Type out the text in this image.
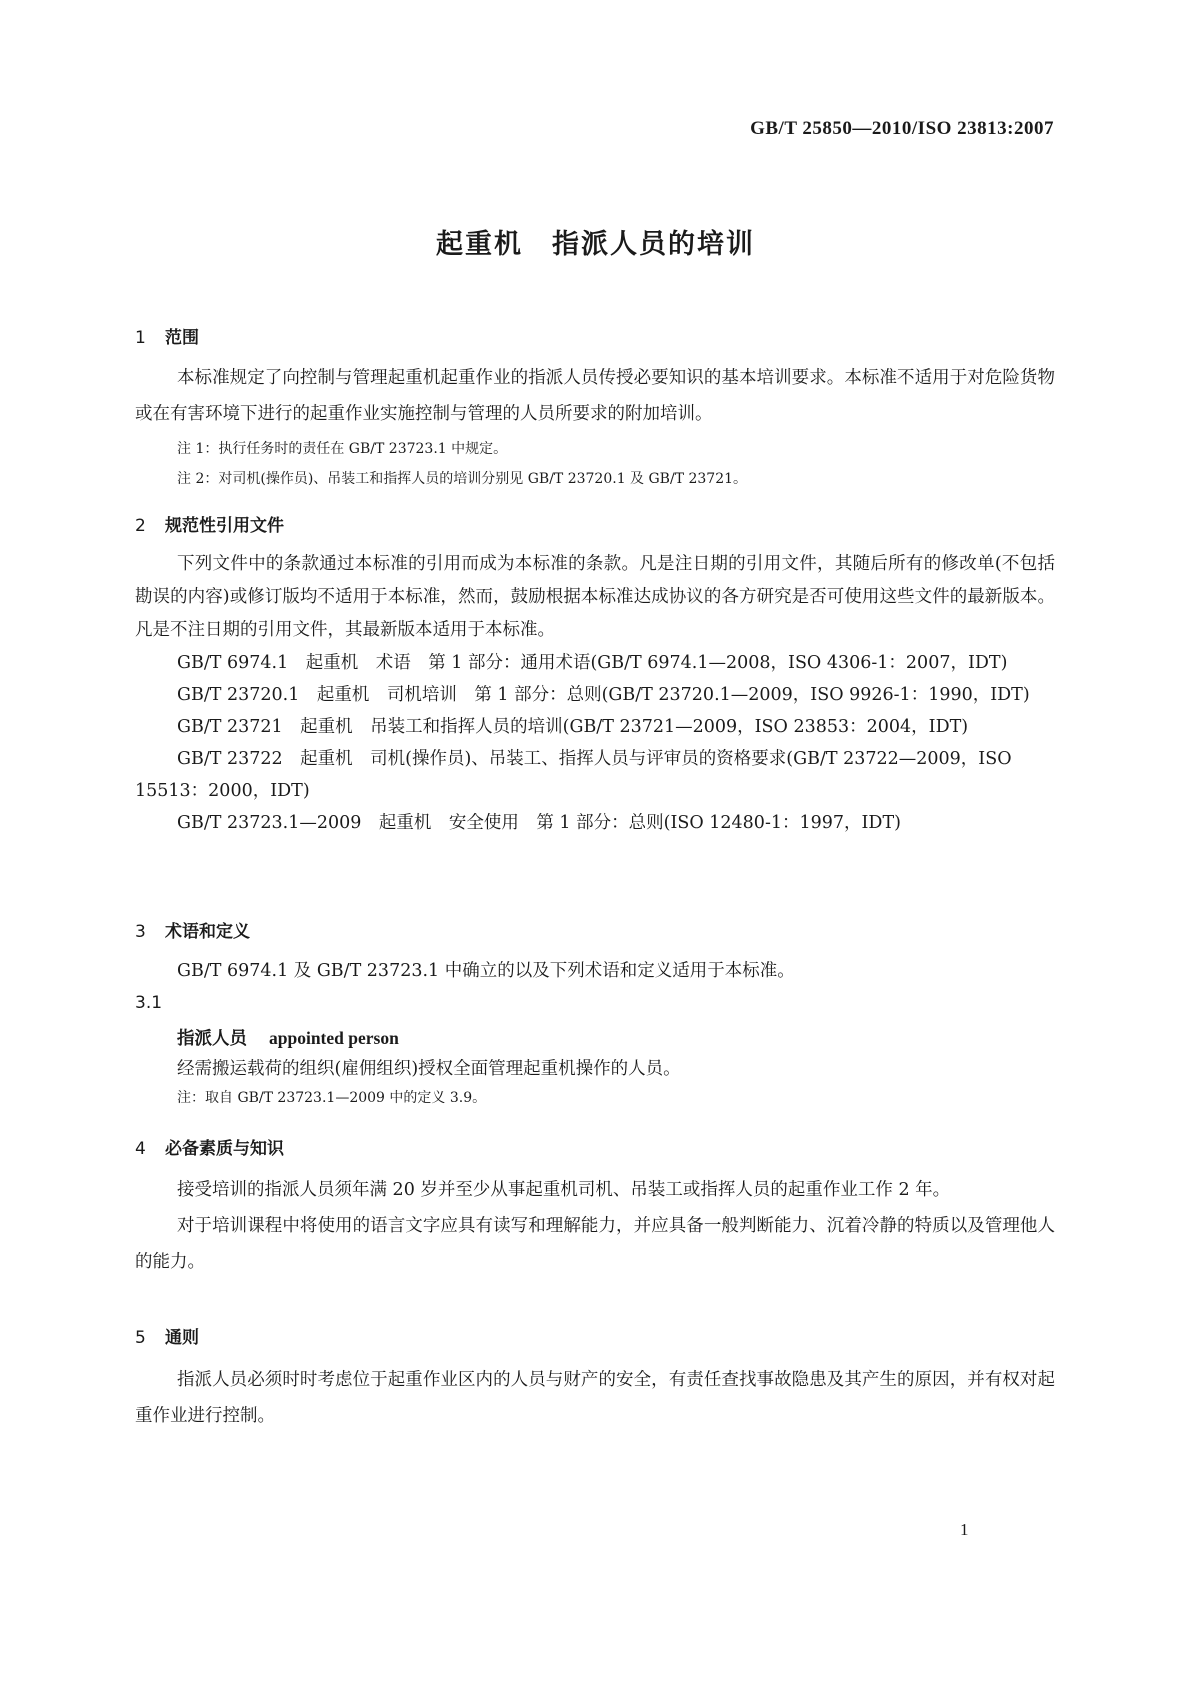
GB/T 25850—2010/ISO 23813:2007
起重机　指派人员的培训
1 范围

本标准规定了向控制与管理起重机起重作业的指派人员传授必要知识的基本培训要求。本标准不适用于对危险货物或在有害环境下进行的起重作业实施控制与管理的人员所要求的附加培训。

注 1：执行任务时的责任在 GB/T 23723.1 中规定。

注 2：对司机(操作员)、吊装工和指挥人员的培训分别见 GB/T 23720.1 及 GB/T 23721。

2 规范性引用文件

下列文件中的条款通过本标准的引用而成为本标准的条款。凡是注日期的引用文件，其随后所有的修改单(不包括勘误的内容)或修订版均不适用于本标准，然而，鼓励根据本标准达成协议的各方研究是否可使用这些文件的最新版本。凡是不注日期的引用文件，其最新版本适用于本标准。

GB/T 6974.1　起重机　术语　第 1 部分：通用术语(GB/T 6974.1—2008，ISO 4306-1：2007，IDT)

GB/T 23720.1　起重机　司机培训　第 1 部分：总则(GB/T 23720.1—2009，ISO 9926-1：1990，IDT)

GB/T 23721　起重机　吊装工和指挥人员的培训(GB/T 23721—2009，ISO 23853：2004，IDT)

GB/T 23722　起重机　司机(操作员)、吊装工、指挥人员与评审员的资格要求(GB/T 23722—2009，ISO 15513：2000，IDT)

GB/T 23723.1—2009　起重机　安全使用　第 1 部分：总则(ISO 12480-1：1997，IDT)

3 术语和定义

GB/T 6974.1 及 GB/T 23723.1 中确立的以及下列术语和定义适用于本标准。

3.1
指派人员 appointed person
经需搬运载荷的组织(雇佣组织)授权全面管理起重机操作的人员。

注：取自 GB/T 23723.1—2009 中的定义 3.9。

4 必备素质与知识

接受培训的指派人员须年满 20 岁并至少从事起重机司机、吊装工或指挥人员的起重作业工作 2 年。

对于培训课程中将使用的语言文字应具有读写和理解能力，并应具备一般判断能力、沉着冷静的特质以及管理他人的能力。

5 通则

指派人员必须时时考虑位于起重作业区内的人员与财产的安全，有责任查找事故隐患及其产生的原因，并有权对起重作业进行控制。

1
